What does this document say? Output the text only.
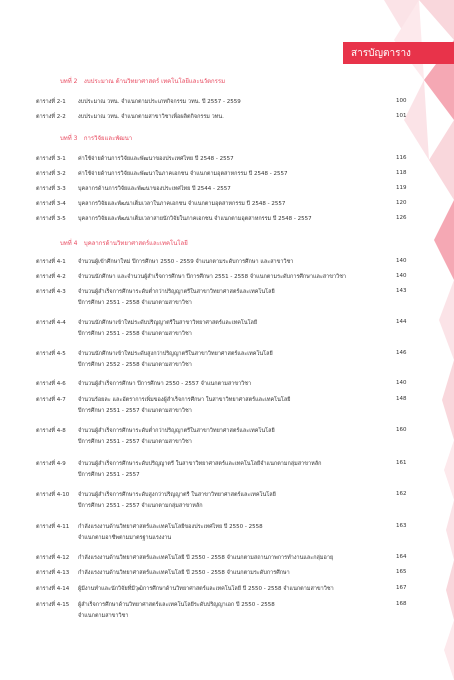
สารบัญตาราง
บทที่ 2 งบประมาณ ด้านวิทยาศาสตร์ เทคโนโลยีและนวัตกรรม
ตารางที่ 2-1 งบประมาณ วทน. จำแนกตามประเภทกิจกรรม วทน. ปี 2557 - 2559	100
ตารางที่ 2-2 งบประมาณ วทน. จำแนกตามสาขาวิชาเพื่อผลิตกิจกรรม วทน.	101
บทที่ 3 การวิจัยและพัฒนา
ตารางที่ 3-1 ค่าใช้จ่ายด้านการวิจัยและพัฒนาของประเทศไทย ปี 2548 - 2557	116
ตารางที่ 3-2 ค่าใช้จ่ายด้านการวิจัยและพัฒนาในภาคเอกชน จำแนกตามอุตสาหกรรม ปี 2548 - 2557	118
ตารางที่ 3-3 บุคลากรด้านการวิจัยและพัฒนาของประเทศไทย ปี 2544 - 2557	119
ตารางที่ 3-4 บุคลากรวิจัยและพัฒนาเต็มเวลาในภาคเอกชน จำแนกตามอุตสาหกรรม ปี 2548 - 2557	120
ตารางที่ 3-5 บุคลากรวิจัยและพัฒนาเต็มเวลาสายนักวิจัยในภาคเอกชน จำแนกตามอุตสาหกรรม ปี 2548 - 2557	126
บทที่ 4 บุคลากรด้านวิทยาศาสตร์และเทคโนโลยี
ตารางที่ 4-1 จำนวนผู้เข้าศึกษาใหม่ ปีการศึกษา 2550 - 2559 จำแนกตามระดับการศึกษา และสาขาวิชา	140
ตารางที่ 4-2 จำนวนนักศึกษา และจำนวนผู้สำเร็จการศึกษา ปีการศึกษา 2551 - 2558 จำแนกตามระดับการศึกษาและสาขาวิชา	140
ตารางที่ 4-3 จำนวนผู้สำเร็จการศึกษาระดับต่ำกว่าปริญญาตรีในสาขาวิทยาศาสตร์และเทคโนโลยี	143
ปีการศึกษา 2551 - 2558 จำแนกตามสาขาวิชา
ตารางที่ 4-4 จำนวนนักศึกษาเข้าใหม่ระดับปริญญาตรีในสาขาวิทยาศาสตร์และเทคโนโลยี	144
ปีการศึกษา 2551 - 2558 จำแนกตามสาขาวิชา
ตารางที่ 4-5 จำนวนนักศึกษาเข้าใหม่ระดับสูงกว่าปริญญาตรีในสาขาวิทยาศาสตร์และเทคโนโลยี	146
ปีการศึกษา 2552 - 2558 จำแนกตามสาขาวิชา
ตารางที่ 4-6 จำนวนผู้สำเร็จการศึกษา ปีการศึกษา 2550 - 2557 จำแนกตามสาขาวิชา	140
ตารางที่ 4-7 จำนวนร้อยละ และอัตราการเพิ่มของผู้สำเร็จการศึกษา ในสาขาวิทยาศาสตร์และเทคโนโลยี	148
ปีการศึกษา 2551 - 2557 จำแนกตามสาขาวิชา
ตารางที่ 4-8 จำนวนผู้สำเร็จการศึกษาระดับต่ำกว่าปริญญาตรีในสาขาวิทยาศาสตร์และเทคโนโลยี	160
ปีการศึกษา 2551 - 2557 จำแนกตามสาขาวิชา
ตารางที่ 4-9 จำนวนผู้สำเร็จการศึกษาระดับปริญญาตรี ในสาขาวิทยาศาสตร์และเทคโนโลยีจำแนกตามกลุ่มสาขาหลัก	161
ปีการศึกษา 2551 - 2557
ตารางที่ 4-10 จำนวนผู้สำเร็จการศึกษาระดับสูงกว่าปริญญาตรี ในสาขาวิทยาศาสตร์และเทคโนโลยี	162
ปีการศึกษา 2551 - 2557 จำแนกตามกลุ่มสาขาหลัก
ตารางที่ 4-11 กำลังแรงงานด้านวิทยาศาสตร์และเทคโนโลยีของประเทศไทย ปี 2550 - 2558	163
จำแนกตามอาชีพตามมาตรฐานแรงงาน
ตารางที่ 4-12 กำลังแรงงานด้านวิทยาศาสตร์และเทคโนโลยี ปี 2550 - 2558 จำแนกตามสถานภาพการทำงานและกลุ่มอายุ	164
ตารางที่ 4-13 กำลังแรงงานด้านวิทยาศาสตร์และเทคโนโลยี ปี 2550 - 2558 จำแนกตามระดับการศึกษา	165
ตารางที่ 4-14 ผู้มีงานทำและนักวิจัยที่มีวุฒิการศึกษาด้านวิทยาศาสตร์และเทคโนโลยี ปี 2550 - 2558 จำแนกตามสาขาวิชา	167
ตารางที่ 4-15 ผู้สำเร็จการศึกษาด้านวิทยาศาสตร์และเทคโนโลยีระดับปริญญาเอก ปี 2550 - 2558	168
จำแนกตามสาขาวิชา
